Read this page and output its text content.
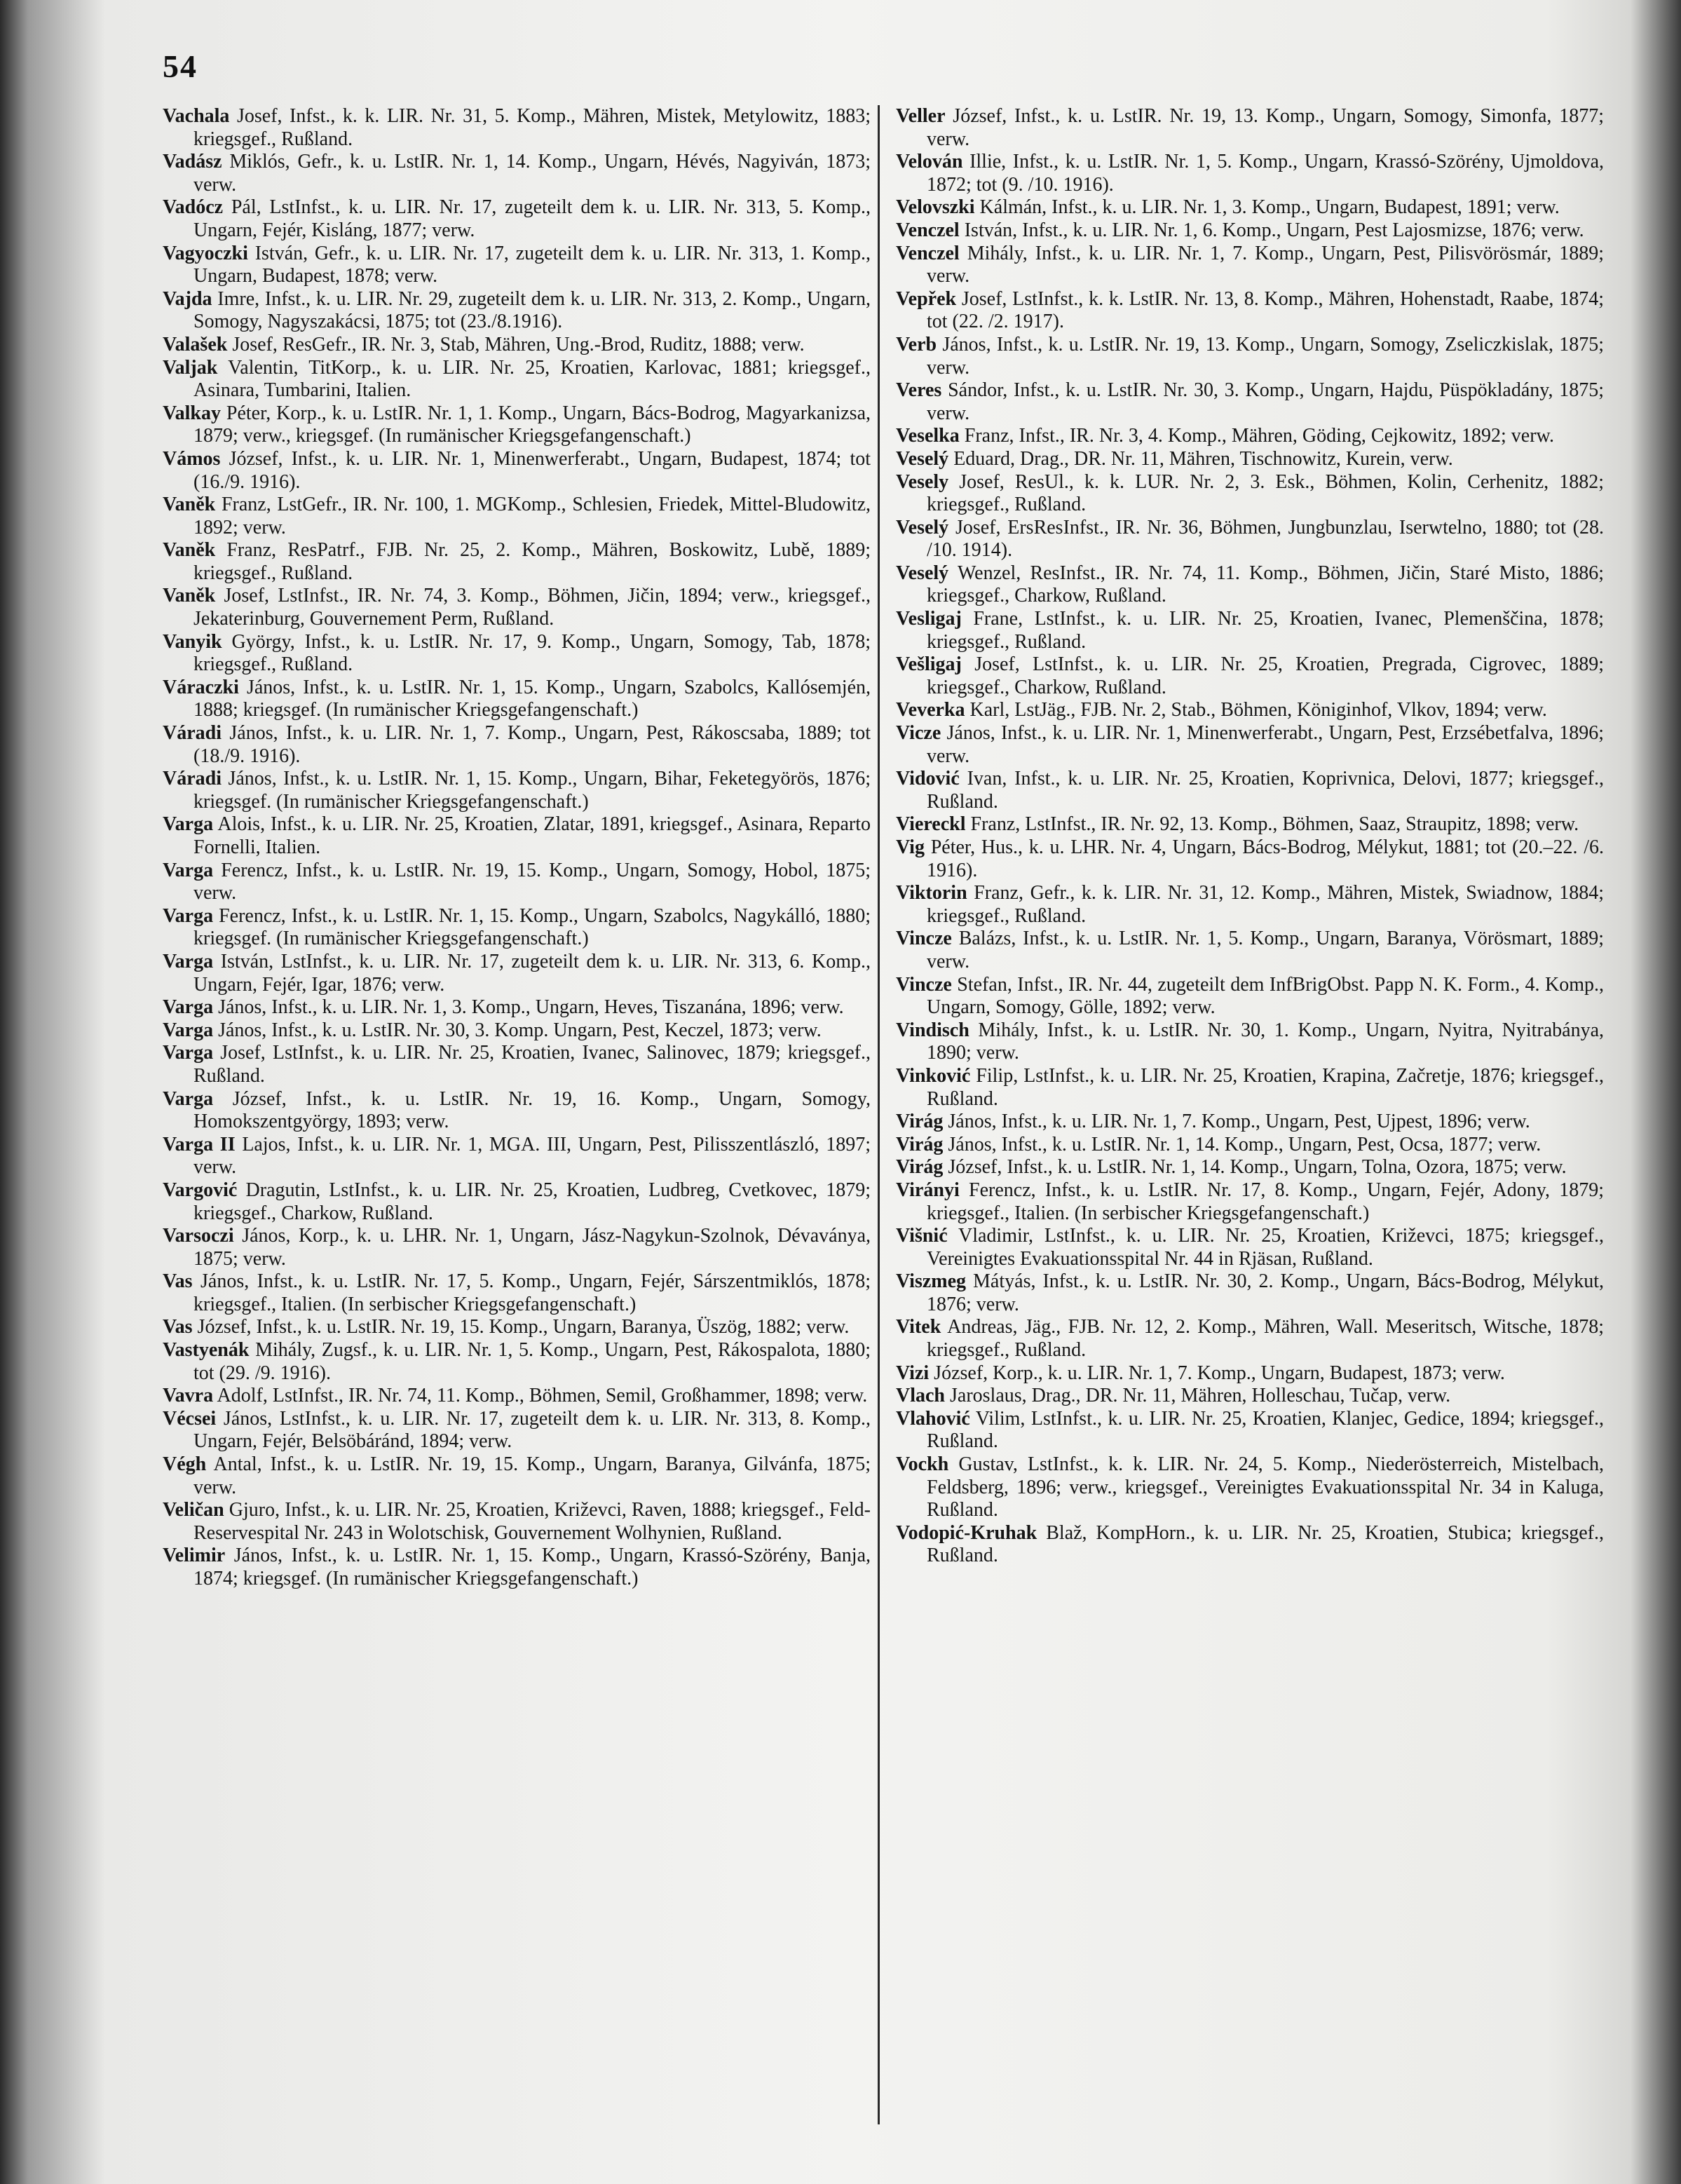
54

Vachala Josef, Infst., k. k. LIR. Nr. 31, 5. Komp., Mähren, Mistek, Metylowitz, 1883; kriegsgef., Rußland.

Vadász Miklós, Gefr., k. u. LstIR. Nr. 1, 14. Komp., Ungarn, Hévés, Nagyiván, 1873; verw.

Vadócz Pál, LstInfst., k. u. LIR. Nr. 17, zugeteilt dem k. u. LIR. Nr. 313, 5. Komp., Ungarn, Fejér, Kisláng, 1877; verw.

Vagyoczki István, Gefr., k. u. LIR. Nr. 17, zugeteilt dem k. u. LIR. Nr. 313, 1. Komp., Ungarn, Budapest, 1878; verw.

Vajda Imre, Infst., k. u. LIR. Nr. 29, zugeteilt dem k. u. LIR. Nr. 313, 2. Komp., Ungarn, Somogy, Nagyszakácsi, 1875; tot (23./8.1916).

Valašek Josef, ResGefr., IR. Nr. 3, Stab, Mähren, Ung.-Brod, Ruditz, 1888; verw.

Valjak Valentin, TitKorp., k. u. LIR. Nr. 25, Kroatien, Karlovac, 1881; kriegsgef., Asinara, Tumbarini, Italien.

Valkay Péter, Korp., k. u. LstIR. Nr. 1, 1. Komp., Ungarn, Bács-Bodrog, Magyarkanizsa, 1879; verw., kriegsgef. (In rumänischer Kriegsgefangenschaft.)

Vámos József, Infst., k. u. LIR. Nr. 1, Minenwerferabt., Ungarn, Budapest, 1874; tot (16./9. 1916).

Vaněk Franz, LstGefr., IR. Nr. 100, 1. MGKomp., Schlesien, Friedek, Mittel-Bludowitz, 1892; verw.

Vaněk Franz, ResPatrf., FJB. Nr. 25, 2. Komp., Mähren, Boskowitz, Lubě, 1889; kriegsgef., Rußland.

Vaněk Josef, LstInfst., IR. Nr. 74, 3. Komp., Böhmen, Jičin, 1894; verw., kriegsgef., Jekaterinburg, Gouvernement Perm, Rußland.

Vanyik György, Infst., k. u. LstIR. Nr. 17, 9. Komp., Ungarn, Somogy, Tab, 1878; kriegsgef., Rußland.

Váraczki János, Infst., k. u. LstIR. Nr. 1, 15. Komp., Ungarn, Szabolcs, Kallósemjén, 1888; kriegsgef. (In rumänischer Kriegsgefangenschaft.)

Váradi János, Infst., k. u. LIR. Nr. 1, 7. Komp., Ungarn, Pest, Rákoscsaba, 1889; tot (18./9. 1916).

Váradi János, Infst., k. u. LstIR. Nr. 1, 15. Komp., Ungarn, Bihar, Feketegyörös, 1876; kriegsgef. (In rumänischer Kriegsgefangenschaft.)

Varga Alois, Infst., k. u. LIR. Nr. 25, Kroatien, Zlatar, 1891, kriegsgef., Asinara, Reparto Fornelli, Italien.

Varga Ferencz, Infst., k. u. LstIR. Nr. 19, 15. Komp., Ungarn, Somogy, Hobol, 1875; verw.

Varga Ferencz, Infst., k. u. LstIR. Nr. 1, 15. Komp., Ungarn, Szabolcs, Nagykálló, 1880; kriegsgef. (In rumänischer Kriegsgefangenschaft.)

Varga István, LstInfst., k. u. LIR. Nr. 17, zugeteilt dem k. u. LIR. Nr. 313, 6. Komp., Ungarn, Fejér, Igar, 1876; verw.

Varga János, Infst., k. u. LIR. Nr. 1, 3. Komp., Ungarn, Heves, Tiszanána, 1896; verw.

Varga János, Infst., k. u. LstIR. Nr. 30, 3. Komp. Ungarn, Pest, Keczel, 1873; verw.

Varga Josef, LstInfst., k. u. LIR. Nr. 25, Kroatien, Ivanec, Salinovec, 1879; kriegsgef., Rußland.

Varga József, Infst., k. u. LstIR. Nr. 19, 16. Komp., Ungarn, Somogy, Homokszentgyörgy, 1893; verw.

Varga II Lajos, Infst., k. u. LIR. Nr. 1, MGA. III, Ungarn, Pest, Pilisszentlászló, 1897; verw.

Vargović Dragutin, LstInfst., k. u. LIR. Nr. 25, Kroatien, Ludbreg, Cvetkovec, 1879; kriegsgef., Charkow, Rußland.

Varsoczi János, Korp., k. u. LHR. Nr. 1, Ungarn, Jász-Nagykun-Szolnok, Dévaványa, 1875; verw.

Vas János, Infst., k. u. LstIR. Nr. 17, 5. Komp., Ungarn, Fejér, Sárszentmiklós, 1878; kriegsgef., Italien. (In serbischer Kriegsgefangenschaft.)

Vas József, Infst., k. u. LstIR. Nr. 19, 15. Komp., Ungarn, Baranya, Üszög, 1882; verw.

Vastyenák Mihály, Zugsf., k. u. LIR. Nr. 1, 5. Komp., Ungarn, Pest, Rákospalota, 1880; tot (29. /9. 1916).

Vavra Adolf, LstInfst., IR. Nr. 74, 11. Komp., Böhmen, Semil, Großhammer, 1898; verw.

Vécsei János, LstInfst., k. u. LIR. Nr. 17, zugeteilt dem k. u. LIR. Nr. 313, 8. Komp., Ungarn, Fejér, Belsöbáránd, 1894; verw.

Végh Antal, Infst., k. u. LstIR. Nr. 19, 15. Komp., Ungarn, Baranya, Gilvánfa, 1875; verw.

Veličan Gjuro, Infst., k. u. LIR. Nr. 25, Kroatien, Križevci, Raven, 1888; kriegsgef., Feld-Reservespital Nr. 243 in Wolotschisk, Gouvernement Wolhynien, Rußland.

Velimir János, Infst., k. u. LstIR. Nr. 1, 15. Komp., Ungarn, Krassó-Szörény, Banja, 1874; kriegsgef. (In rumänischer Kriegsgefangenschaft.)

Veller József, Infst., k. u. LstIR. Nr. 19, 13. Komp., Ungarn, Somogy, Simonfa, 1877; verw.

Velován Illie, Infst., k. u. LstIR. Nr. 1, 5. Komp., Ungarn, Krassó-Szörény, Ujmoldova, 1872; tot (9. /10. 1916).

Velovszki Kálmán, Infst., k. u. LIR. Nr. 1, 3. Komp., Ungarn, Budapest, 1891; verw.

Venczel István, Infst., k. u. LIR. Nr. 1, 6. Komp., Ungarn, Pest Lajosmizse, 1876; verw.

Venczel Mihály, Infst., k. u. LIR. Nr. 1, 7. Komp., Ungarn, Pest, Pilisvörösmár, 1889; verw.

Vepřek Josef, LstInfst., k. k. LstIR. Nr. 13, 8. Komp., Mähren, Hohenstadt, Raabe, 1874; tot (22. /2. 1917).

Verb János, Infst., k. u. LstIR. Nr. 19, 13. Komp., Ungarn, Somogy, Zseliczkislak, 1875; verw.

Veres Sándor, Infst., k. u. LstIR. Nr. 30, 3. Komp., Ungarn, Hajdu, Püspökladány, 1875; verw.

Veselka Franz, Infst., IR. Nr. 3, 4. Komp., Mähren, Göding, Cejkowitz, 1892; verw.

Veselý Eduard, Drag., DR. Nr. 11, Mähren, Tischnowitz, Kurein, verw.

Vesely Josef, ResUl., k. k. LUR. Nr. 2, 3. Esk., Böhmen, Kolin, Cerhenitz, 1882; kriegsgef., Rußland.

Veselý Josef, ErsResInfst., IR. Nr. 36, Böhmen, Jungbunzlau, Iserwtelno, 1880; tot (28. /10. 1914).

Veselý Wenzel, ResInfst., IR. Nr. 74, 11. Komp., Böhmen, Jičin, Staré Misto, 1886; kriegsgef., Charkow, Rußland.

Vesligaj Frane, LstInfst., k. u. LIR. Nr. 25, Kroatien, Ivanec, Plemenščina, 1878; kriegsgef., Rußland.

Vešligaj Josef, LstInfst., k. u. LIR. Nr. 25, Kroatien, Pregrada, Cigrovec, 1889; kriegsgef., Charkow, Rußland.

Veverka Karl, LstJäg., FJB. Nr. 2, Stab., Böhmen, Königinhof, Vlkov, 1894; verw.

Vicze János, Infst., k. u. LIR. Nr. 1, Minenwerferabt., Ungarn, Pest, Erzsébetfalva, 1896; verw.

Vidović Ivan, Infst., k. u. LIR. Nr. 25, Kroatien, Koprivnica, Delovi, 1877; kriegsgef., Rußland.

Viereckl Franz, LstInfst., IR. Nr. 92, 13. Komp., Böhmen, Saaz, Straupitz, 1898; verw.

Vig Péter, Hus., k. u. LHR. Nr. 4, Ungarn, Bács-Bodrog, Mélykut, 1881; tot (20.–22. /6. 1916).

Viktorin Franz, Gefr., k. k. LIR. Nr. 31, 12. Komp., Mähren, Mistek, Swiadnow, 1884; kriegsgef., Rußland.

Vincze Balázs, Infst., k. u. LstIR. Nr. 1, 5. Komp., Ungarn, Baranya, Vörösmart, 1889; verw.

Vincze Stefan, Infst., IR. Nr. 44, zugeteilt dem InfBrigObst. Papp N. K. Form., 4. Komp., Ungarn, Somogy, Gölle, 1892; verw.

Vindisch Mihály, Infst., k. u. LstIR. Nr. 30, 1. Komp., Ungarn, Nyitra, Nyitrabánya, 1890; verw.

Vinković Filip, LstInfst., k. u. LIR. Nr. 25, Kroatien, Krapina, Začretje, 1876; kriegsgef., Rußland.

Virág János, Infst., k. u. LIR. Nr. 1, 7. Komp., Ungarn, Pest, Ujpest, 1896; verw.

Virág János, Infst., k. u. LstIR. Nr. 1, 14. Komp., Ungarn, Pest, Ocsa, 1877; verw.

Virág József, Infst., k. u. LstIR. Nr. 1, 14. Komp., Ungarn, Tolna, Ozora, 1875; verw.

Virányi Ferencz, Infst., k. u. LstIR. Nr. 17, 8. Komp., Ungarn, Fejér, Adony, 1879; kriegsgef., Italien. (In serbischer Kriegsgefangenschaft.)

Višnić Vladimir, LstInfst., k. u. LIR. Nr. 25, Kroatien, Križevci, 1875; kriegsgef., Vereinigtes Evakuationsspital Nr. 44 in Rjäsan, Rußland.

Viszmeg Mátyás, Infst., k. u. LstIR. Nr. 30, 2. Komp., Ungarn, Bács-Bodrog, Mélykut, 1876; verw.

Vitek Andreas, Jäg., FJB. Nr. 12, 2. Komp., Mähren, Wall. Meseritsch, Witsche, 1878; kriegsgef., Rußland.

Vizi József, Korp., k. u. LIR. Nr. 1, 7. Komp., Ungarn, Budapest, 1873; verw.

Vlach Jaroslaus, Drag., DR. Nr. 11, Mähren, Holleschau, Tučap, verw.

Vlahović Vilim, LstInfst., k. u. LIR. Nr. 25, Kroatien, Klanjec, Gedice, 1894; kriegsgef., Rußland.

Vockh Gustav, LstInfst., k. k. LIR. Nr. 24, 5. Komp., Niederösterreich, Mistelbach, Feldsberg, 1896; verw., kriegsgef., Vereinigtes Evakuationsspital Nr. 34 in Kaluga, Rußland.

Vodopić-Kruhak Blaž, KompHorn., k. u. LIR. Nr. 25, Kroatien, Stubica; kriegsgef., Rußland.
